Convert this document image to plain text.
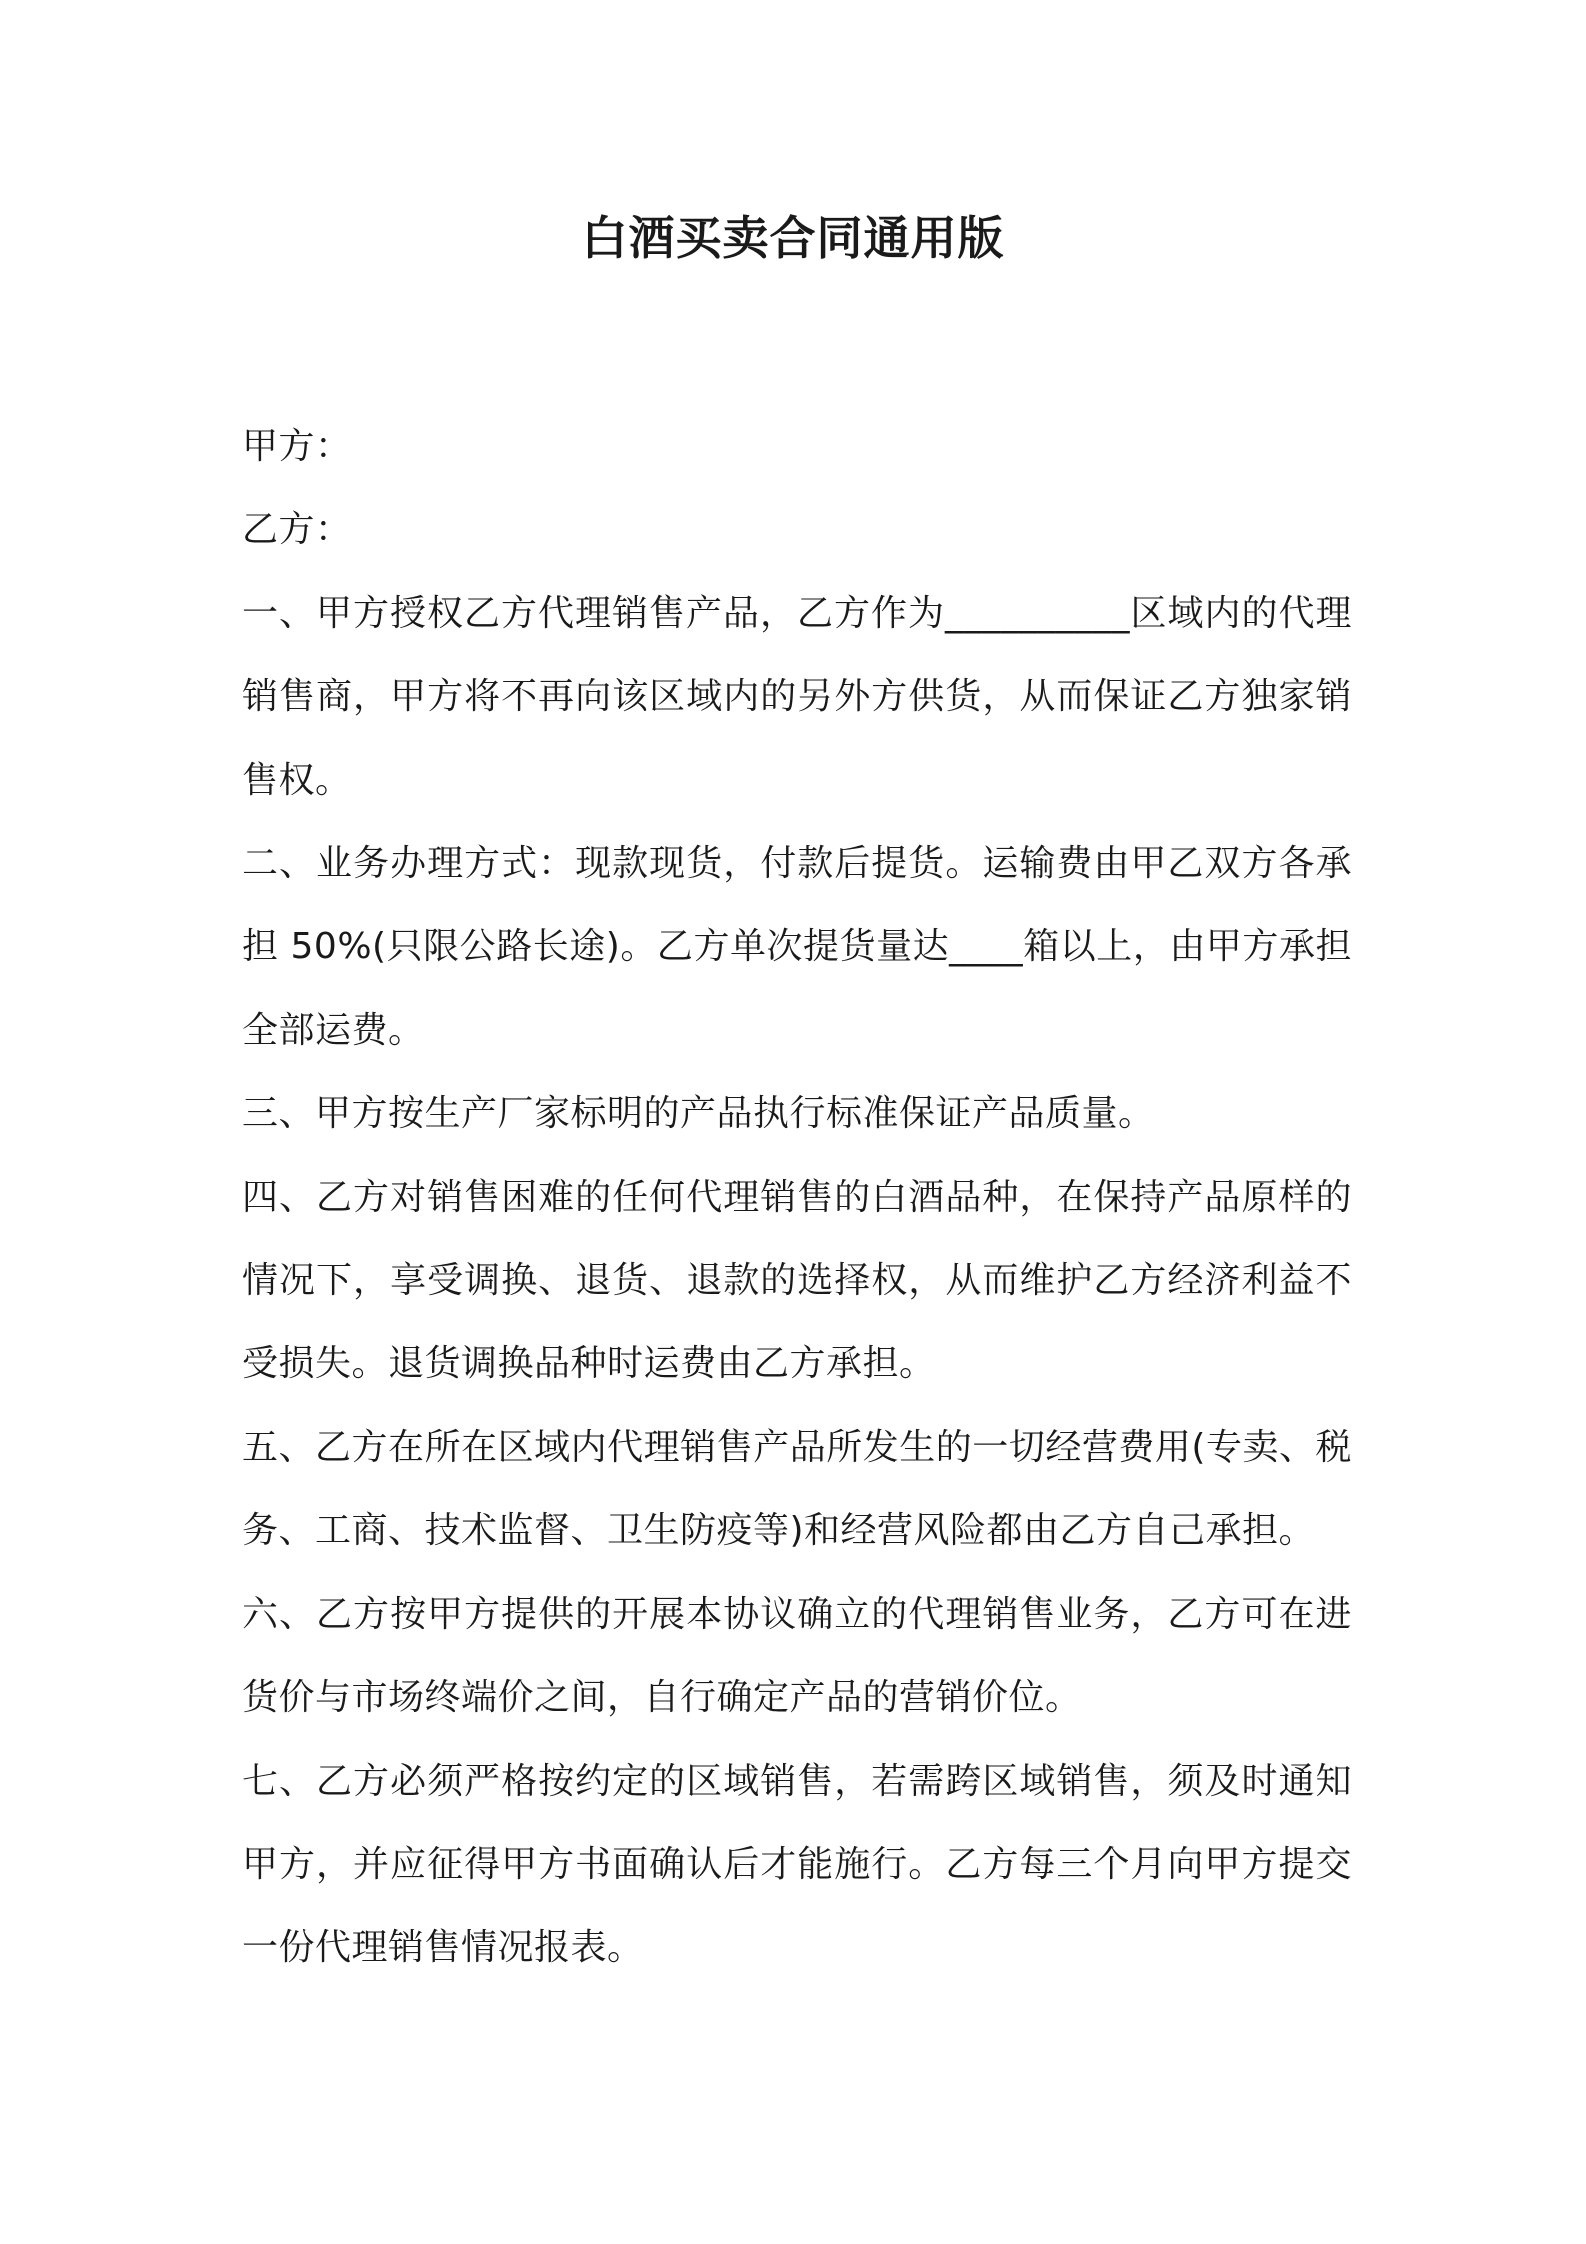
白酒买卖合同通用版

甲方：

乙方：

一、甲方授权乙方代理销售产品，乙方作为__________区域内的代理销售商，甲方将不再向该区域内的另外方供货，从而保证乙方独家销售权。

二、业务办理方式：现款现货，付款后提货。运输费由甲乙双方各承担 50%(只限公路长途)。乙方单次提货量达____箱以上，由甲方承担全部运费。

三、甲方按生产厂家标明的产品执行标准保证产品质量。

四、乙方对销售困难的任何代理销售的白酒品种，在保持产品原样的情况下，享受调换、退货、退款的选择权，从而维护乙方经济利益不受损失。退货调换品种时运费由乙方承担。

五、乙方在所在区域内代理销售产品所发生的一切经营费用(专卖、税务、工商、技术监督、卫生防疫等)和经营风险都由乙方自己承担。

六、乙方按甲方提供的开展本协议确立的代理销售业务，乙方可在进货价与市场终端价之间，自行确定产品的营销价位。

七、乙方必须严格按约定的区域销售，若需跨区域销售，须及时通知甲方，并应征得甲方书面确认后才能施行。乙方每三个月向甲方提交一份代理销售情况报表。
